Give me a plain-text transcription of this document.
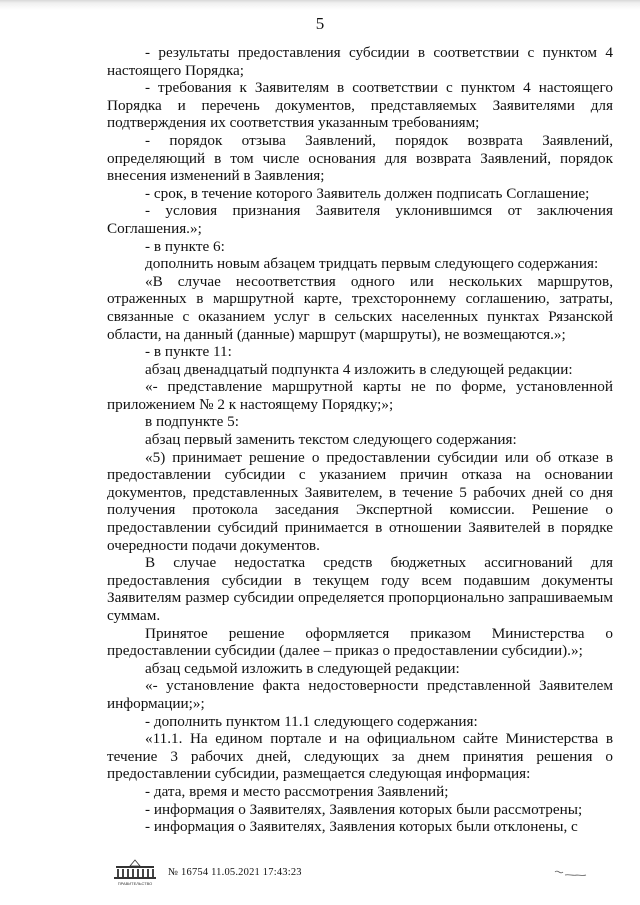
5

- результаты предоставления субсидии в соответствии с пунктом 4 настоящего Порядка;

- требования к Заявителям в соответствии с пунктом 4 настоящего Порядка и перечень документов, представляемых Заявителями для подтверждения их соответствия указанным требованиям;

- порядок отзыва Заявлений, порядок возврата Заявлений, определяющий в том числе основания для возврата Заявлений, порядок внесения изменений в Заявления;

- срок, в течение которого Заявитель должен подписать Соглашение;

- условия признания Заявителя уклонившимся от заключения Соглашения.»;

- в пункте 6:

дополнить новым абзацем тридцать первым следующего содержания:

«В случае несоответствия одного или нескольких маршрутов, отраженных в маршрутной карте, трехстороннему соглашению, затраты, связанные с оказанием услуг в сельских населенных пунктах Рязанской области, на данный (данные) маршрут (маршруты), не возмещаются.»;

- в пункте 11:

абзац двенадцатый подпункта 4 изложить в следующей редакции:

«- представление маршрутной карты не по форме, установленной приложением № 2 к настоящему Порядку;»;

в подпункте 5:

абзац первый заменить текстом следующего содержания:

«5) принимает решение о предоставлении субсидии или об отказе в предоставлении субсидии с указанием причин отказа на основании документов, представленных Заявителем, в течение 5 рабочих дней со дня получения протокола заседания Экспертной комиссии. Решение о предоставлении субсидий принимается в отношении Заявителей в порядке очередности подачи документов.

В случае недостатка средств бюджетных ассигнований для предоставления субсидии в текущем году всем подавшим документы Заявителям размер субсидии определяется пропорционально запрашиваемым суммам.

Принятое решение оформляется приказом Министерства о предоставлении субсидии (далее – приказ о предоставлении субсидии).»;

абзац седьмой изложить в следующей редакции:

«- установление факта недостоверности представленной Заявителем информации;»;

- дополнить пунктом 11.1 следующего содержания:

«11.1. На едином портале и на официальном сайте Министерства в течение 3 рабочих дней, следующих за днем принятия решения о предоставлении субсидии, размещается следующая информация:

- дата, время и место рассмотрения Заявлений;

- информация о Заявителях, Заявления которых были рассмотрены;

- информация о Заявителях, Заявления которых были отклонены, с

ПРАВИТЕЛЬСТВО
№ 16754 11.05.2021 17:43:23
